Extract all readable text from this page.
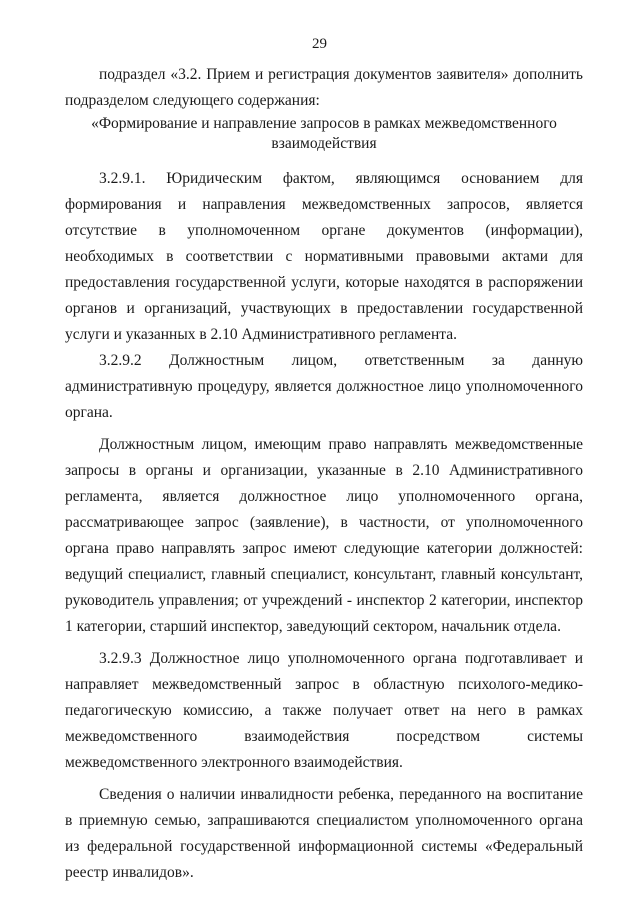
29

подраздел «3.2. Прием и регистрация документов заявителя» дополнить подразделом следующего содержания:

«Формирование и направление запросов в рамках межведомственного взаимодействия

3.2.9.1. Юридическим фактом, являющимся основанием для формирования и направления межведомственных запросов, является отсутствие в уполномоченном органе документов (информации), необходимых в соответствии с нормативными правовыми актами для предоставления государственной услуги, которые находятся в распоряжении органов и организаций, участвующих в предоставлении государственной услуги и указанных в 2.10 Административного регламента.

3.2.9.2 Должностным лицом, ответственным за данную административную процедуру, является должностное лицо уполномоченного органа.

Должностным лицом, имеющим право направлять межведомственные запросы в органы и организации, указанные в 2.10 Административного регламента, является должностное лицо уполномоченного органа, рассматривающее запрос (заявление), в частности, от уполномоченного органа право направлять запрос имеют следующие категории должностей: ведущий специалист, главный специалист, консультант, главный консультант, руководитель управления; от учреждений - инспектор 2 категории, инспектор 1 категории, старший инспектор, заведующий сектором, начальник отдела.

3.2.9.3 Должностное лицо уполномоченного органа подготавливает и направляет межведомственный запрос в областную психолого-медико-педагогическую комиссию, а также получает ответ на него в рамках межведомственного взаимодействия посредством системы межведомственного электронного взаимодействия.

Сведения о наличии инвалидности ребенка, переданного на воспитание в приемную семью, запрашиваются специалистом уполномоченного органа из федеральной государственной информационной системы «Федеральный реестр инвалидов».
